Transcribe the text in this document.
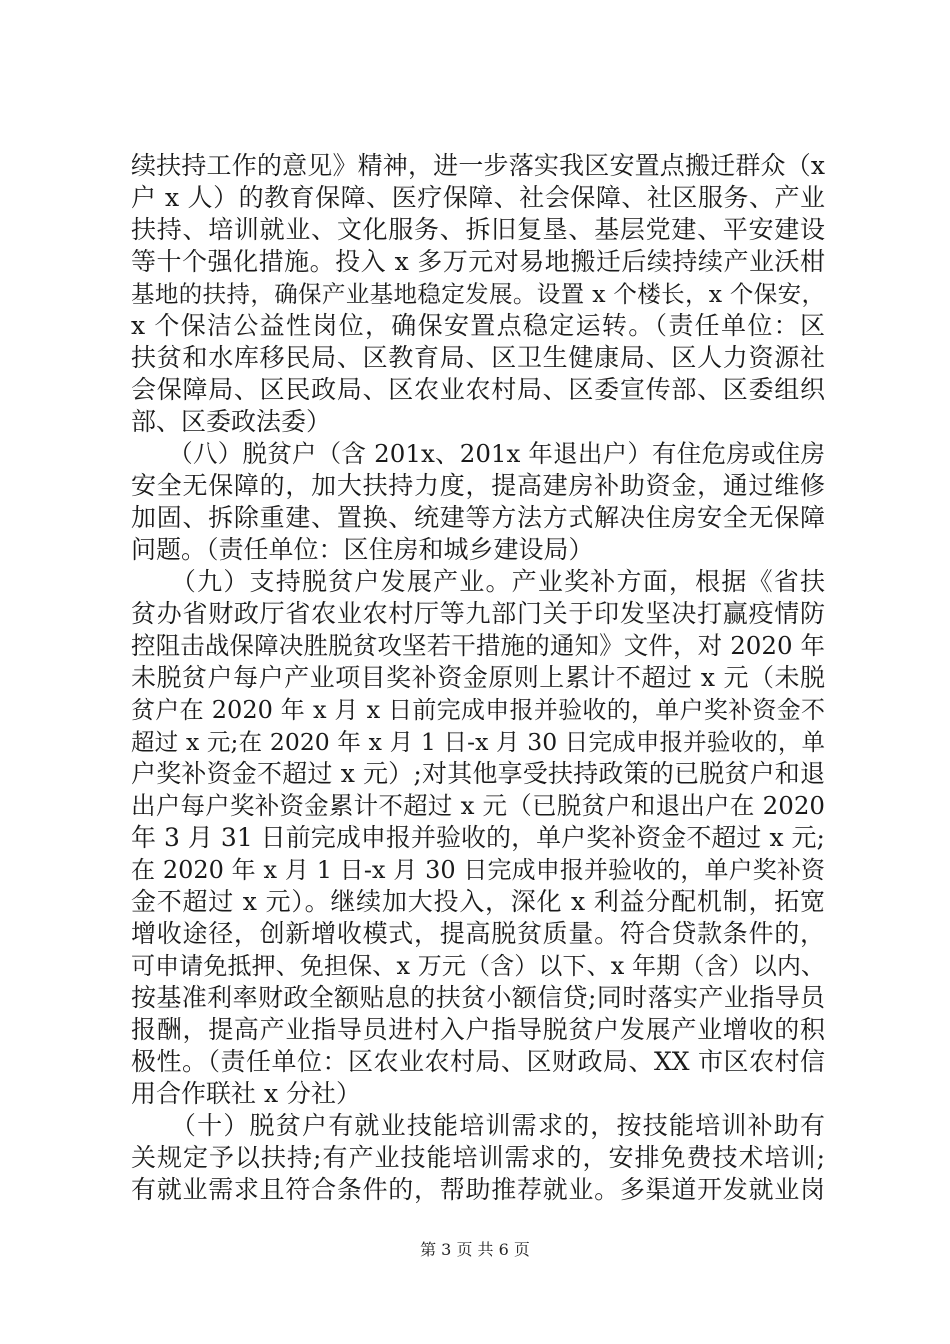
续扶持工作的意见》精神，进一步落实我区安置点搬迁群众（x
户 x 人）的教育保障、医疗保障、社会保障、社区服务、产业
扶持、培训就业、文化服务、拆旧复垦、基层党建、平安建设
等十个强化措施。投入 x 多万元对易地搬迁后续持续产业沃柑
基地的扶持，确保产业基地稳定发展。设置 x 个楼长，x 个保安，
x 个保洁公益性岗位，确保安置点稳定运转。（责任单位：区
扶贫和水库移民局、区教育局、区卫生健康局、区人力资源社
会保障局、区民政局、区农业农村局、区委宣传部、区委组织
部、区委政法委）
　　（八）脱贫户（含 201x、201x 年退出户）有住危房或住房
安全无保障的，加大扶持力度，提高建房补助资金，通过维修
加固、拆除重建、置换、统建等方法方式解决住房安全无保障
问题。（责任单位：区住房和城乡建设局）
　　（九）支持脱贫户发展产业。产业奖补方面，根据《省扶
贫办省财政厅省农业农村厅等九部门关于印发坚决打赢疫情防
控阻击战保障决胜脱贫攻坚若干措施的通知》文件，对 2020 年
未脱贫户每户产业项目奖补资金原则上累计不超过 x 元（未脱
贫户在 2020 年 x 月 x 日前完成申报并验收的，单户奖补资金不
超过 x 元;在 2020 年 x 月 1 日-x 月 30 日完成申报并验收的，单
户奖补资金不超过 x 元）;对其他享受扶持政策的已脱贫户和退
出户每户奖补资金累计不超过 x 元（已脱贫户和退出户在 2020
年 3 月 31 日前完成申报并验收的，单户奖补资金不超过 x 元;
在 2020 年 x 月 1 日-x 月 30 日完成申报并验收的，单户奖补资
金不超过 x 元）。继续加大投入，深化 x 利益分配机制，拓宽
增收途径，创新增收模式，提高脱贫质量。符合贷款条件的，
可申请免抵押、免担保、x 万元（含）以下、x 年期（含）以内、
按基准利率财政全额贴息的扶贫小额信贷;同时落实产业指导员
报酬，提高产业指导员进村入户指导脱贫户发展产业增收的积
极性。（责任单位：区农业农村局、区财政局、XX 市区农村信
用合作联社 x 分社）
　　（十）脱贫户有就业技能培训需求的，按技能培训补助有
关规定予以扶持;有产业技能培训需求的，安排免费技术培训;
有就业需求且符合条件的，帮助推荐就业。多渠道开发就业岗
第 3 页 共 6 页
